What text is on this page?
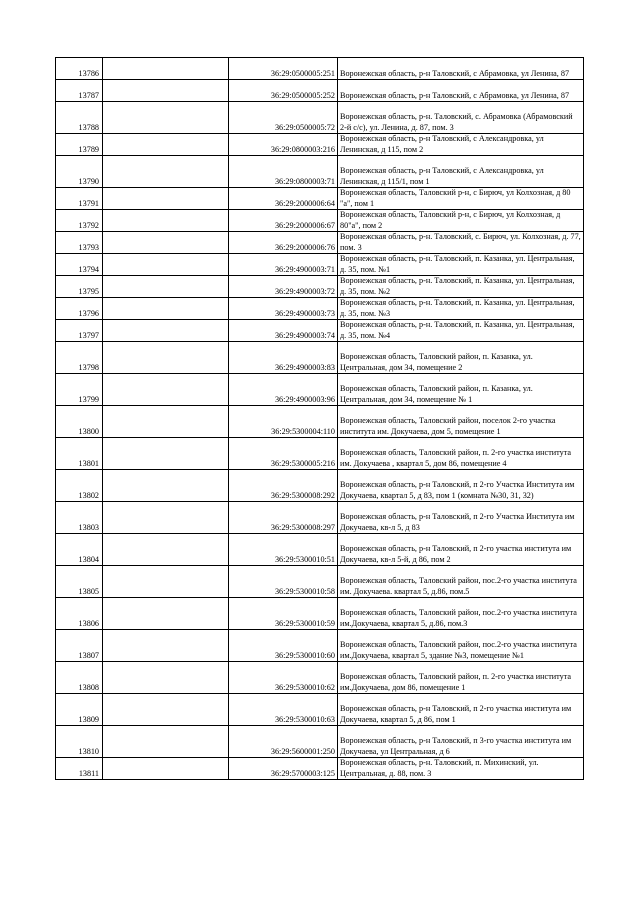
13786		36:29:0500005:251	Воронежская область, р-н Таловский, с Абрамовка, ул Ленина, 87
13787		36:29:0500005:252	Воронежская область, р-н Таловский, с Абрамовка, ул Ленина, 87
13788		36:29:0500005:72	Воронежская область, р-н. Таловский, с. Абрамовка (Абрамовский 2-й с/с), ул. Ленина, д. 87, пом. 3
13789		36:29:0800003:216	Воронежская область, р-н Таловский, с Александровка, ул Ленинская, д 115, пом 2
13790		36:29:0800003:71	Воронежская область, р-н Таловский, с Александровка, ул Ленинская, д 115/1, пом 1
13791		36:29:2000006:64	Воронежская область, Таловский р-н, с Бирюч, ул Колхозная, д 80 "а", пом 1
13792		36:29:2000006:67	Воронежская область, Таловский р-н, с Бирюч, ул Колхозная, д 80"а", пом 2
13793		36:29:2000006:76	Воронежская область, р-н. Таловский, с. Бирюч, ул. Колхозная, д. 77, пом. 3
13794		36:29:4900003:71	Воронежская область, р-н. Таловский, п. Казанка, ул. Центральная, д. 35, пом. №1
13795		36:29:4900003:72	Воронежская область, р-н. Таловский, п. Казанка, ул. Центральная, д. 35, пом. №2
13796		36:29:4900003:73	Воронежская область, р-н. Таловский, п. Казанка, ул. Центральная, д. 35, пом. №3
13797		36:29:4900003:74	Воронежская область, р-н. Таловский, п. Казанка, ул. Центральная, д. 35, пом. №4
13798		36:29:4900003:83	Воронежская область, Таловский район, п. Казанка, ул. Центральная, дом 34, помещение 2
13799		36:29:4900003:96	Воронежская область, Таловский район, п. Казанка, ул. Центральная, дом 34, помещение № 1
13800		36:29:5300004:110	Воронежская область, Таловский район, поселок 2-го участка института им. Докучаева, дом 5, помещение 1
13801		36:29:5300005:216	Воронежская область, Таловский район, п. 2-го участка института им. Докучаева , квартал 5, дом 86, помещение 4
13802		36:29:5300008:292	Воронежская область, р-н Таловский, п 2-го Участка Института им Докучаева, квартал 5, д 83, пом 1 (комната №30, 31, 32)
13803		36:29:5300008:297	Воронежская область, р-н Таловский, п 2-го Участка Института им Докучаева, кв-л 5, д 83
13804		36:29:5300010:51	Воронежская область, р-н Таловский, п 2-го участка института им Докучаева, кв-л 5-й, д 86, пом 2
13805		36:29:5300010:58	Воронежская область, Таловский район, пос.2-го участка института им. Докучаева. квартал 5, д.86, пом.5
13806		36:29:5300010:59	Воронежская область, Таловский район, пос.2-го участка института им.Докучаева, квартал 5, д.86, пом.3
13807		36:29:5300010:60	Воронежская область, Таловский район, пос.2-го участка института им.Докучаева, квартал 5, здание №3, помещение №1
13808		36:29:5300010:62	Воронежская область, Таловский район, п. 2-го участка института им.Докучаева, дом 86, помещение 1
13809		36:29:5300010:63	Воронежская область, р-н Таловский, п 2-го участка института им Докучаева, квартал 5, д 86, пом 1
13810		36:29:5600001:250	Воронежская область, р-н Таловский, п 3-го участка института им Докучаева, ул Центральная, д 6
13811		36:29:5700003:125	Воронежская область, р-н. Таловский, п. Михинский, ул. Центральная, д. 88, пом. 3
